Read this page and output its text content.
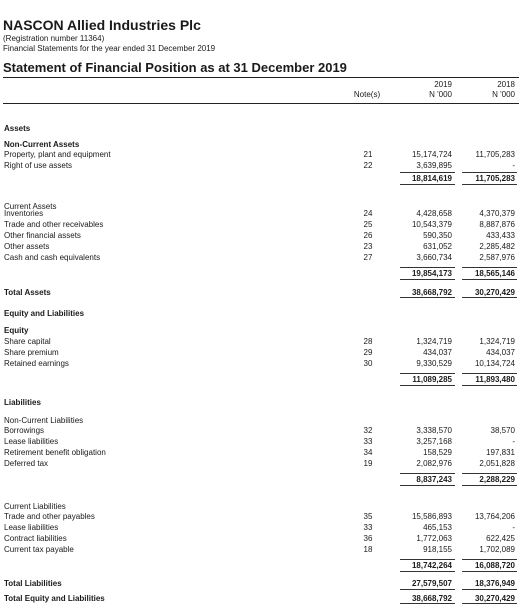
NASCON Allied Industries Plc
(Registration number 11364)
Financial Statements for the year ended 31 December 2019
Statement of Financial Position as at 31 December 2019
Note(s)
2019
N '000
2018
N '000
Assets
Non-Current Assets
Property, plant and equipment	21	15,174,724	11,705,283
Right of use assets	22	3,639,895	-
18,814,619	11,705,283
Current Assets
Inventories	24	4,428,658	4,370,379
Trade and other receivables	25	10,543,379	8,887,876
Other financial assets	26	590,350	433,433
Other assets	23	631,052	2,285,482
Cash and cash equivalents	27	3,660,734	2,587,976
19,854,173	18,565,146
Total Assets	38,668,792	30,270,429
Equity and Liabilities
Equity
Share capital	28	1,324,719	1,324,719
Share premium	29	434,037	434,037
Retained earnings	30	9,330,529	10,134,724
11,089,285	11,893,480
Liabilities
Non-Current Liabilities
Borrowings	32	3,338,570	38,570
Lease liabilities	33	3,257,168	-
Retirement benefit obligation	34	158,529	197,831
Deferred tax	19	2,082,976	2,051,828
8,837,243	2,288,229
Current Liabilities
Trade and other payables	35	15,586,893	13,764,206
Lease liabilities	33	465,153	-
Contract liabilities	36	1,772,063	622,425
Current tax payable	18	918,155	1,702,089
18,742,264	16,088,720
Total Liabilities	27,579,507	18,376,949
Total Equity and Liabilities	38,668,792	30,270,429
